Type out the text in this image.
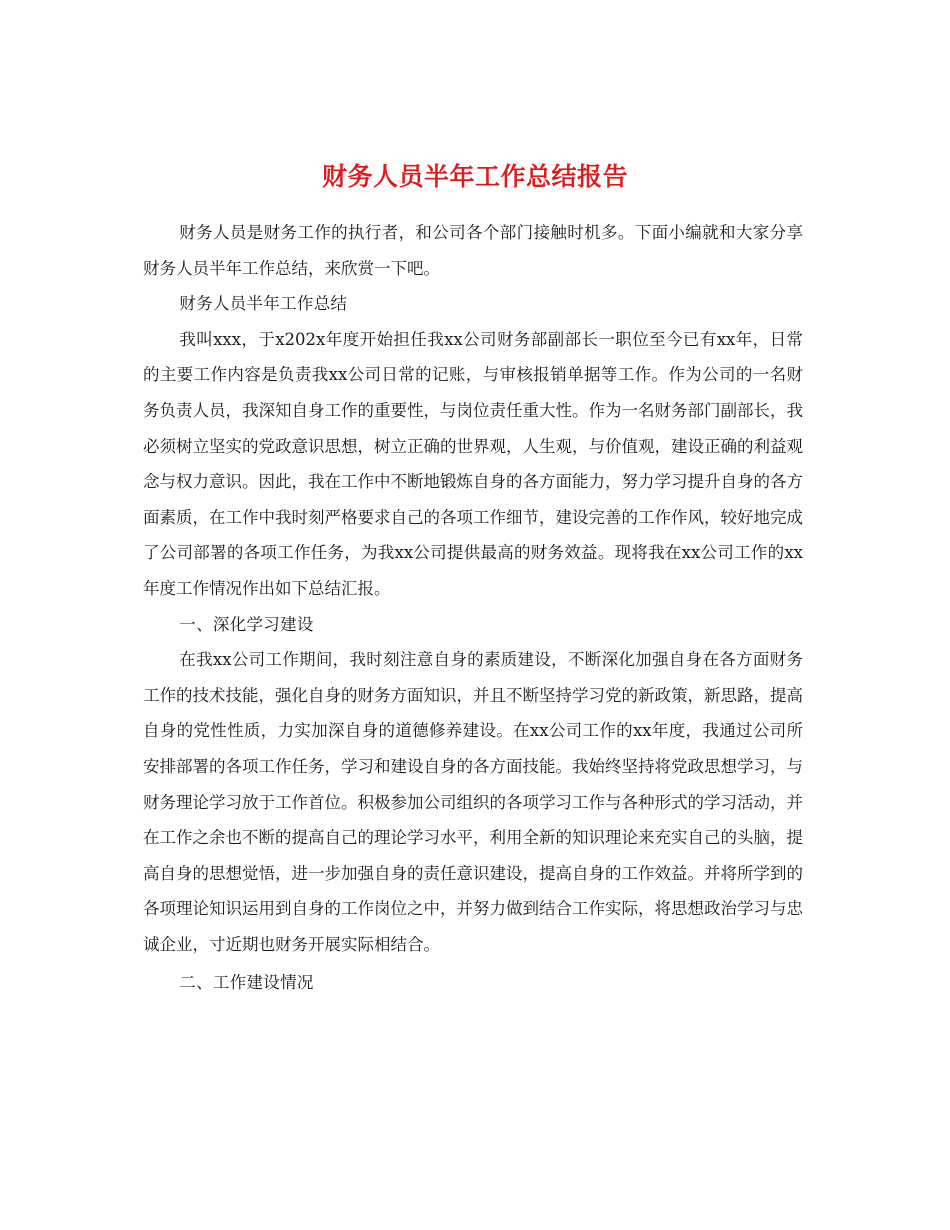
财务人员半年工作总结报告

财务人员是财务工作的执行者，和公司各个部门接触时机多。下面小编就和大家分享财务人员半年工作总结，来欣赏一下吧。

财务人员半年工作总结

我叫xxx，于x202x年度开始担任我xx公司财务部副部长一职位至今已有xx年，日常的主要工作内容是负责我xx公司日常的记账，与审核报销单据等工作。作为公司的一名财务负责人员，我深知自身工作的重要性，与岗位责任重大性。作为一名财务部门副部长，我必须树立坚实的党政意识思想，树立正确的世界观，人生观，与价值观，建设正确的利益观念与权力意识。因此，我在工作中不断地锻炼自身的各方面能力，努力学习提升自身的各方面素质，在工作中我时刻严格要求自己的各项工作细节，建设完善的工作作风，较好地完成了公司部署的各项工作任务，为我xx公司提供最高的财务效益。现将我在xx公司工作的xx年度工作情况作出如下总结汇报。

一、深化学习建设

在我xx公司工作期间，我时刻注意自身的素质建设，不断深化加强自身在各方面财务工作的技术技能，强化自身的财务方面知识，并且不断坚持学习党的新政策，新思路，提高自身的党性性质，力实加深自身的道德修养建设。在xx公司工作的xx年度，我通过公司所安排部署的各项工作任务，学习和建设自身的各方面技能。我始终坚持将党政思想学习，与财务理论学习放于工作首位。积极参加公司组织的各项学习工作与各种形式的学习活动，并在工作之余也不断的提高自己的理论学习水平，利用全新的知识理论来充实自己的头脑，提高自身的思想觉悟，进一步加强自身的责任意识建设，提高自身的工作效益。并将所学到的各项理论知识运用到自身的工作岗位之中，并努力做到结合工作实际，将思想政治学习与忠诚企业，寸近期也财务开展实际相结合。

二、工作建设情况
